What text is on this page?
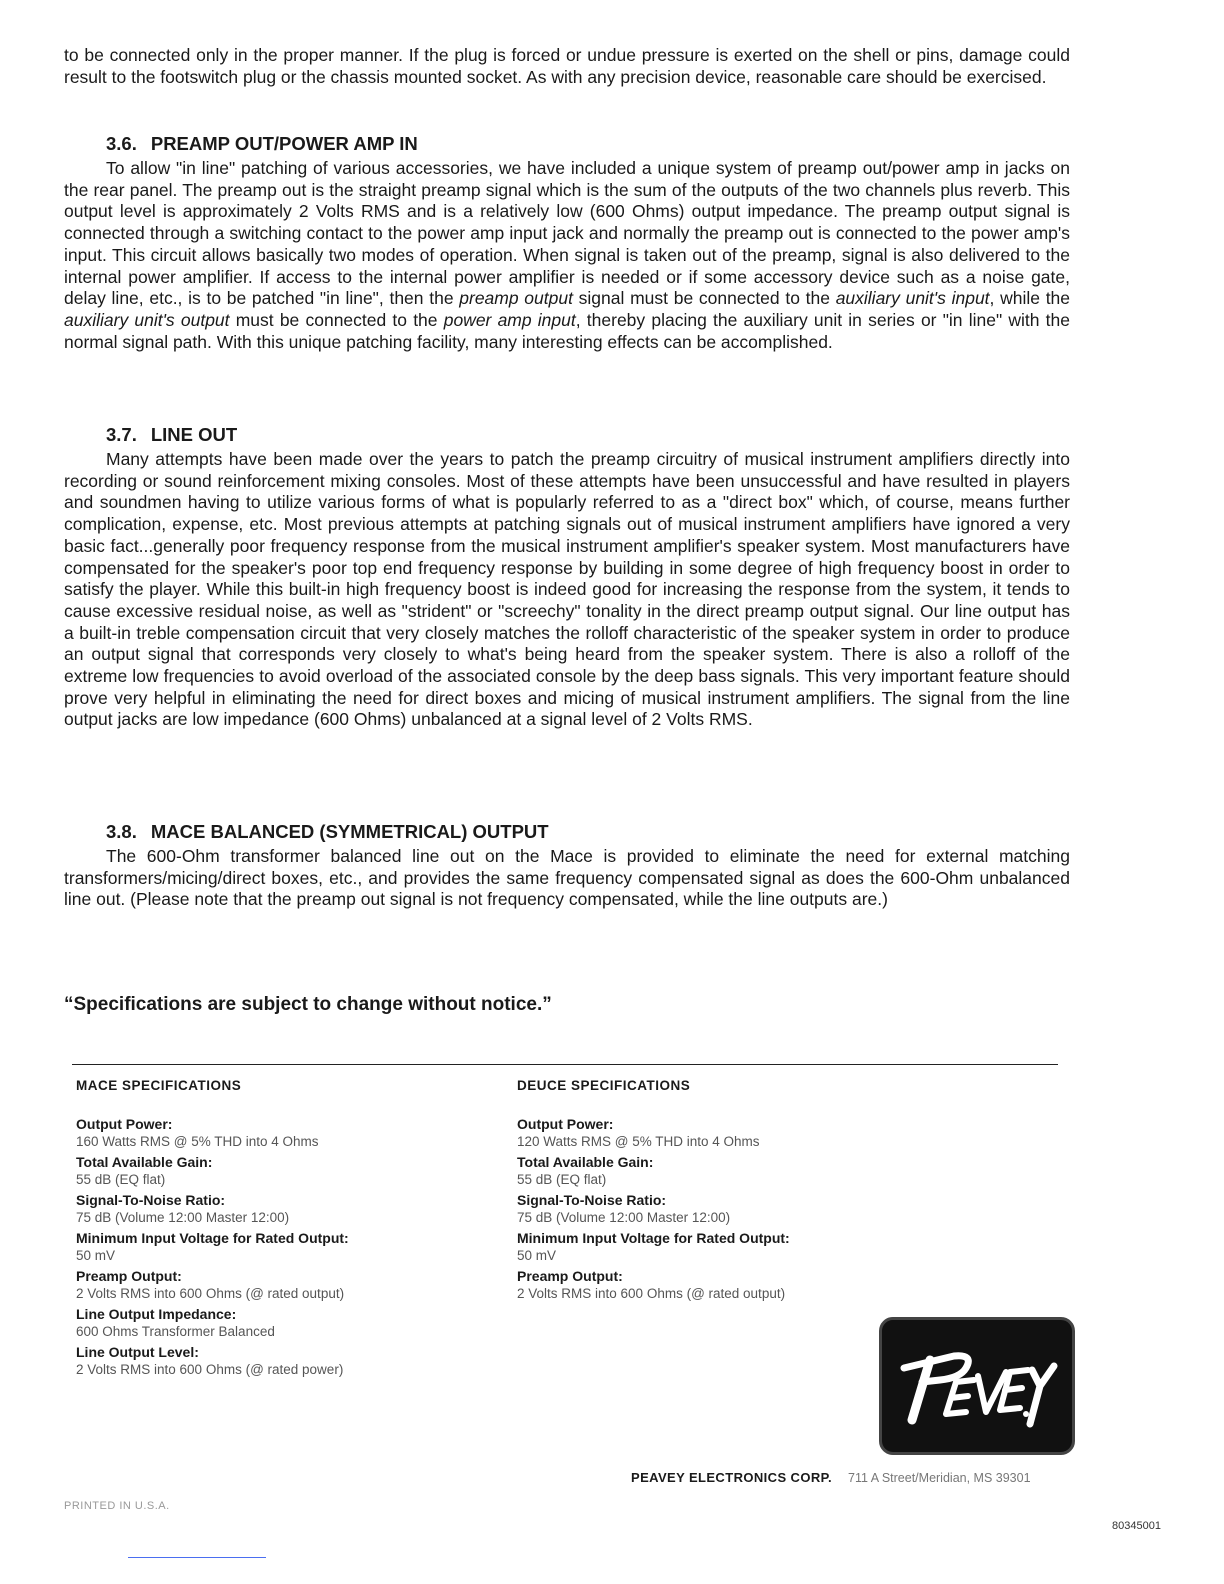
to be connected only in the proper manner. If the plug is forced or undue pressure is exerted on the shell or pins, damage could result to the footswitch plug or the chassis mounted socket. As with any precision device, reasonable care should be exercised.

3.6. PREAMP OUT/POWER AMP IN

To allow "in line" patching of various accessories, we have included a unique system of preamp out/power amp in jacks on the rear panel. The preamp out is the straight preamp signal which is the sum of the outputs of the two channels plus reverb. This output level is approximately 2 Volts RMS and is a relatively low (600 Ohms) output impedance. The preamp output signal is connected through a switching contact to the power amp input jack and normally the preamp out is connected to the power amp's input. This circuit allows basically two modes of operation. When signal is taken out of the preamp, signal is also delivered to the internal power amplifier. If access to the internal power amplifier is needed or if some accessory device such as a noise gate, delay line, etc., is to be patched "in line", then the preamp output signal must be connected to the auxiliary unit's input, while the auxiliary unit's output must be connected to the power amp input, thereby placing the auxiliary unit in series or "in line" with the normal signal path. With this unique patching facility, many interesting effects can be accomplished.

3.7. LINE OUT

Many attempts have been made over the years to patch the preamp circuitry of musical instrument amplifiers directly into recording or sound reinforcement mixing consoles. Most of these attempts have been unsuccessful and have resulted in players and soundmen having to utilize various forms of what is popularly referred to as a "direct box" which, of course, means further complication, expense, etc. Most previous attempts at patching signals out of musical instrument amplifiers have ignored a very basic fact...generally poor frequency response from the musical instrument amplifier's speaker system. Most manufacturers have compensated for the speaker's poor top end frequency response by building in some degree of high frequency boost in order to satisfy the player. While this built-in high frequency boost is indeed good for increasing the response from the system, it tends to cause excessive residual noise, as well as "strident" or "screechy" tonality in the direct preamp output signal. Our line output has a built-in treble compensation circuit that very closely matches the rolloff characteristic of the speaker system in order to produce an output signal that corresponds very closely to what's being heard from the speaker system. There is also a rolloff of the extreme low frequencies to avoid overload of the associated console by the deep bass signals. This very important feature should prove very helpful in eliminating the need for direct boxes and micing of musical instrument amplifiers. The signal from the line output jacks are low impedance (600 Ohms) unbalanced at a signal level of 2 Volts RMS.

3.8. MACE BALANCED (SYMMETRICAL) OUTPUT

The 600-Ohm transformer balanced line out on the Mace is provided to eliminate the need for external matching transformers/micing/direct boxes, etc., and provides the same frequency compensated signal as does the 600-Ohm unbalanced line out. (Please note that the preamp out signal is not frequency compensated, while the line outputs are.)

“Specifications are subject to change without notice.”

MACE SPECIFICATIONS

Output Power:

160 Watts RMS @ 5% THD into 4 Ohms

Total Available Gain:

55 dB (EQ flat)

Signal-To-Noise Ratio:

75 dB (Volume 12:00 Master 12:00)

Minimum Input Voltage for Rated Output:

50 mV

Preamp Output:

2 Volts RMS into 600 Ohms (@ rated output)

Line Output Impedance:

600 Ohms Transformer Balanced

Line Output Level:

2 Volts RMS into 600 Ohms (@ rated power)

DEUCE SPECIFICATIONS

Output Power:

120 Watts RMS @ 5% THD into 4 Ohms

Total Available Gain:

55 dB (EQ flat)

Signal-To-Noise Ratio:

75 dB (Volume 12:00 Master 12:00)

Minimum Input Voltage for Rated Output:

50 mV

Preamp Output:

2 Volts RMS into 600 Ohms (@ rated output)

PEAVEY ELECTRONICS CORP. 711 A Street/Meridian, MS 39301
PRINTED IN U.S.A.
80345001
